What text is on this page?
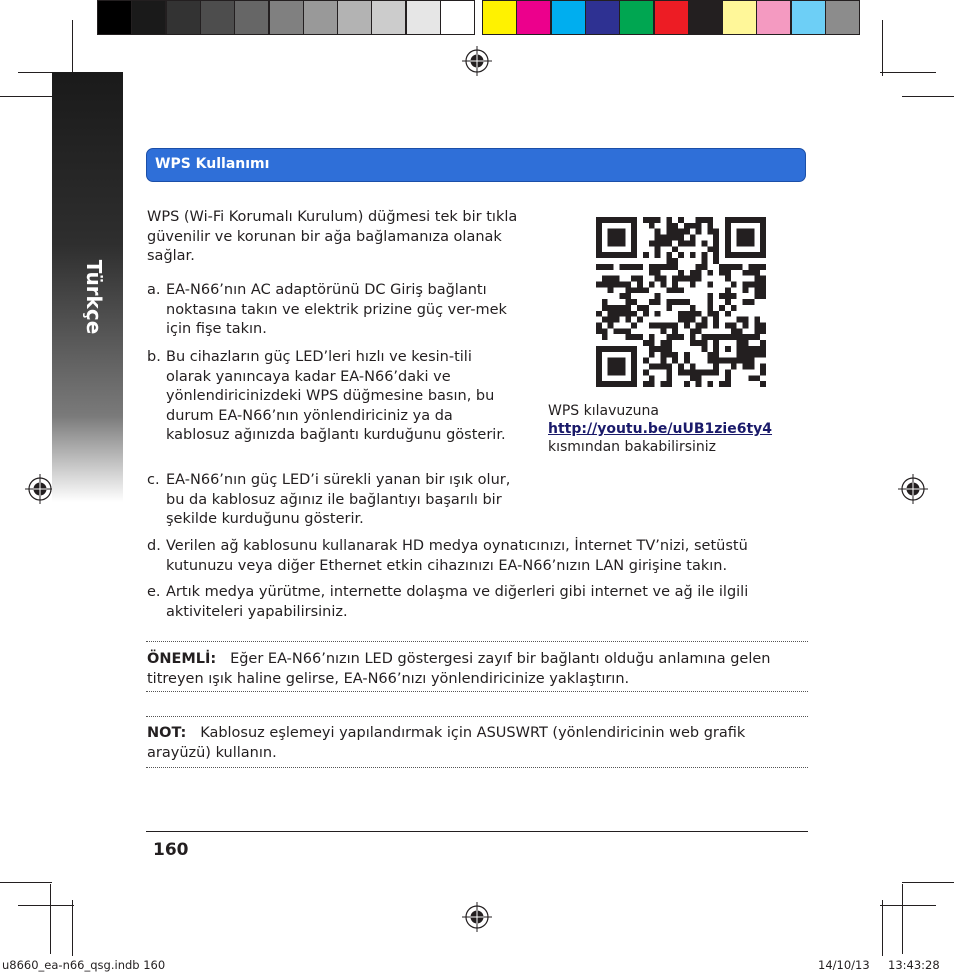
Türkçe
WPS Kullanımı
WPS (Wi-Fi Korumalı Kurulum) düğmesi tek bir tıkla güvenilir ve korunan bir ağa bağlamanıza olanak sağlar.
a. EA-N66’nın AC adaptörünü DC Giriş bağlantı noktasına takın ve elektrik prizine güç ver-mek için fişe takın.
b. Bu cihazların güç LED’leri hızlı ve kesin-tili olarak yanıncaya kadar EA-N66’daki ve yönlendiricinizdeki WPS düğmesine basın, bu durum EA-N66’nın yönlendiriciniz ya da kablosuz ağınızda bağlantı kurduğunu gösterir.
c. EA-N66’nın güç LED’i sürekli yanan bir ışık olur, bu da kablosuz ağınız ile bağlantıyı başarılı bir şekilde kurduğunu gösterir.
d. Verilen ağ kablosunu kullanarak HD medya oynatıcınızı, İnternet TV’nizi, setüstü kutunuzu veya diğer Ethernet etkin cihazınızı EA-N66’nızın LAN girişine takın.
e. Artık medya yürütme, internette dolaşma ve diğerleri gibi internet ve ağ ile ilgili aktiviteleri yapabilirsiniz.
WPS kılavuzuna http://youtu.be/uUB1zie6ty4 kısmından bakabilirsiniz
ÖNEMLİ: Eğer EA-N66’nızın LED göstergesi zayıf bir bağlantı olduğu anlamına gelen titreyen ışık haline gelirse, EA-N66’nızı yönlendiricinize yaklaştırın.
NOT: Kablosuz eşlemeyi yapılandırmak için ASUSWRT (yönlendiricinin web grafik arayüzü) kullanın.
160
u8660_ea-n66_qsg.indb 160	14/10/13 13:43:28
